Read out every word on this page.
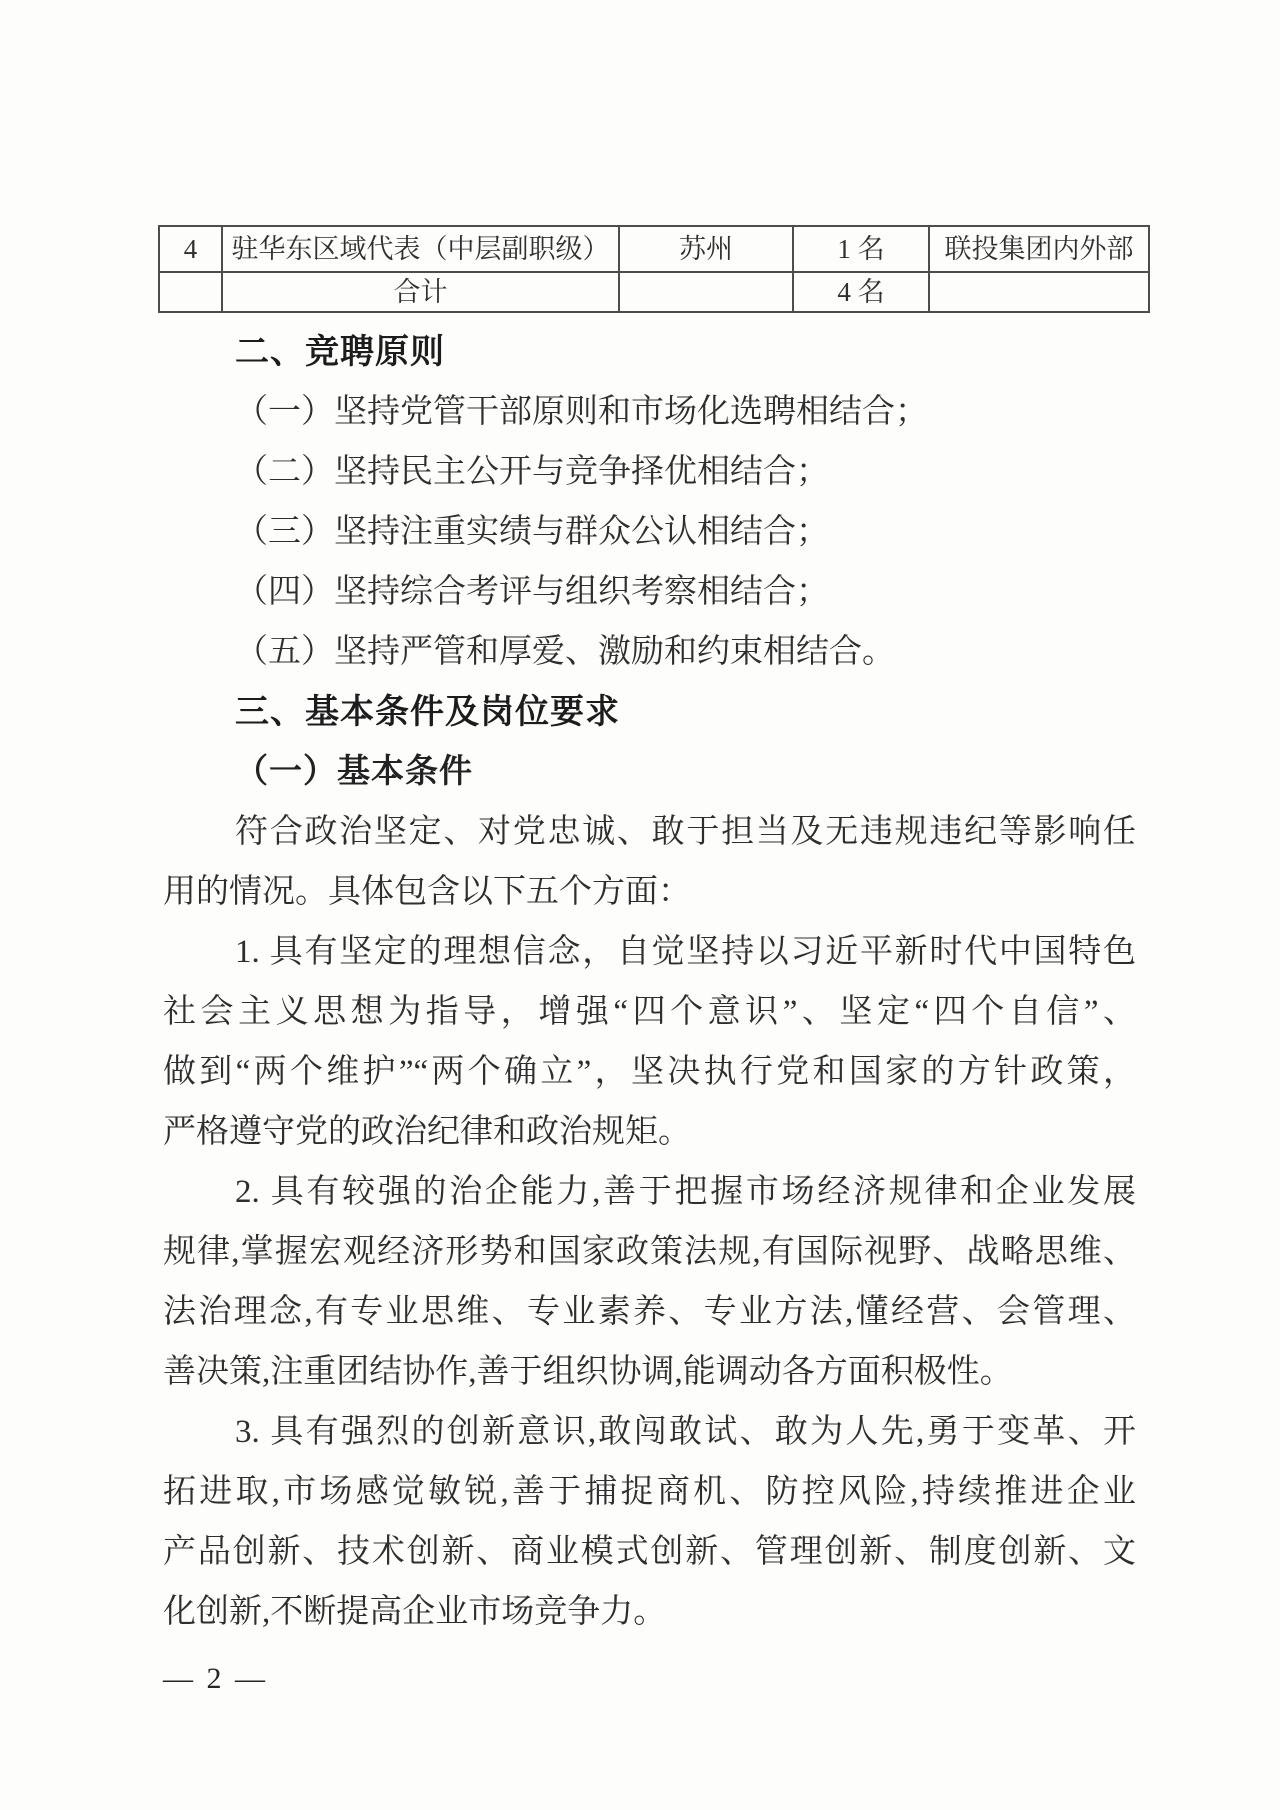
4	驻华东区域代表（中层副职级）	苏州	1 名	联投集团内外部
	合计		4 名	
二、竞聘原则
（一）坚持党管干部原则和市场化选聘相结合；
（二）坚持民主公开与竞争择优相结合；
（三）坚持注重实绩与群众公认相结合；
（四）坚持综合考评与组织考察相结合；
（五）坚持严管和厚爱、激励和约束相结合。
三、基本条件及岗位要求
（一）基本条件
符合政治坚定、对党忠诚、敢于担当及无违规违纪等影响任
用的情况。具体包含以下五个方面：
1. 具有坚定的理想信念，自觉坚持以习近平新时代中国特色
社会主义思想为指导，增强“四个意识”、坚定“四个自信”、
做到“两个维护”“两个确立”，坚决执行党和国家的方针政策，
严格遵守党的政治纪律和政治规矩。
2. 具有较强的治企能力,善于把握市场经济规律和企业发展
规律,掌握宏观经济形势和国家政策法规,有国际视野、战略思维、
法治理念,有专业思维、专业素养、专业方法,懂经营、会管理、
善决策,注重团结协作,善于组织协调,能调动各方面积极性。
3. 具有强烈的创新意识,敢闯敢试、敢为人先,勇于变革、开
拓进取,市场感觉敏锐,善于捕捉商机、防控风险,持续推进企业
产品创新、技术创新、商业模式创新、管理创新、制度创新、文
化创新,不断提高企业市场竞争力。
— 2 —
